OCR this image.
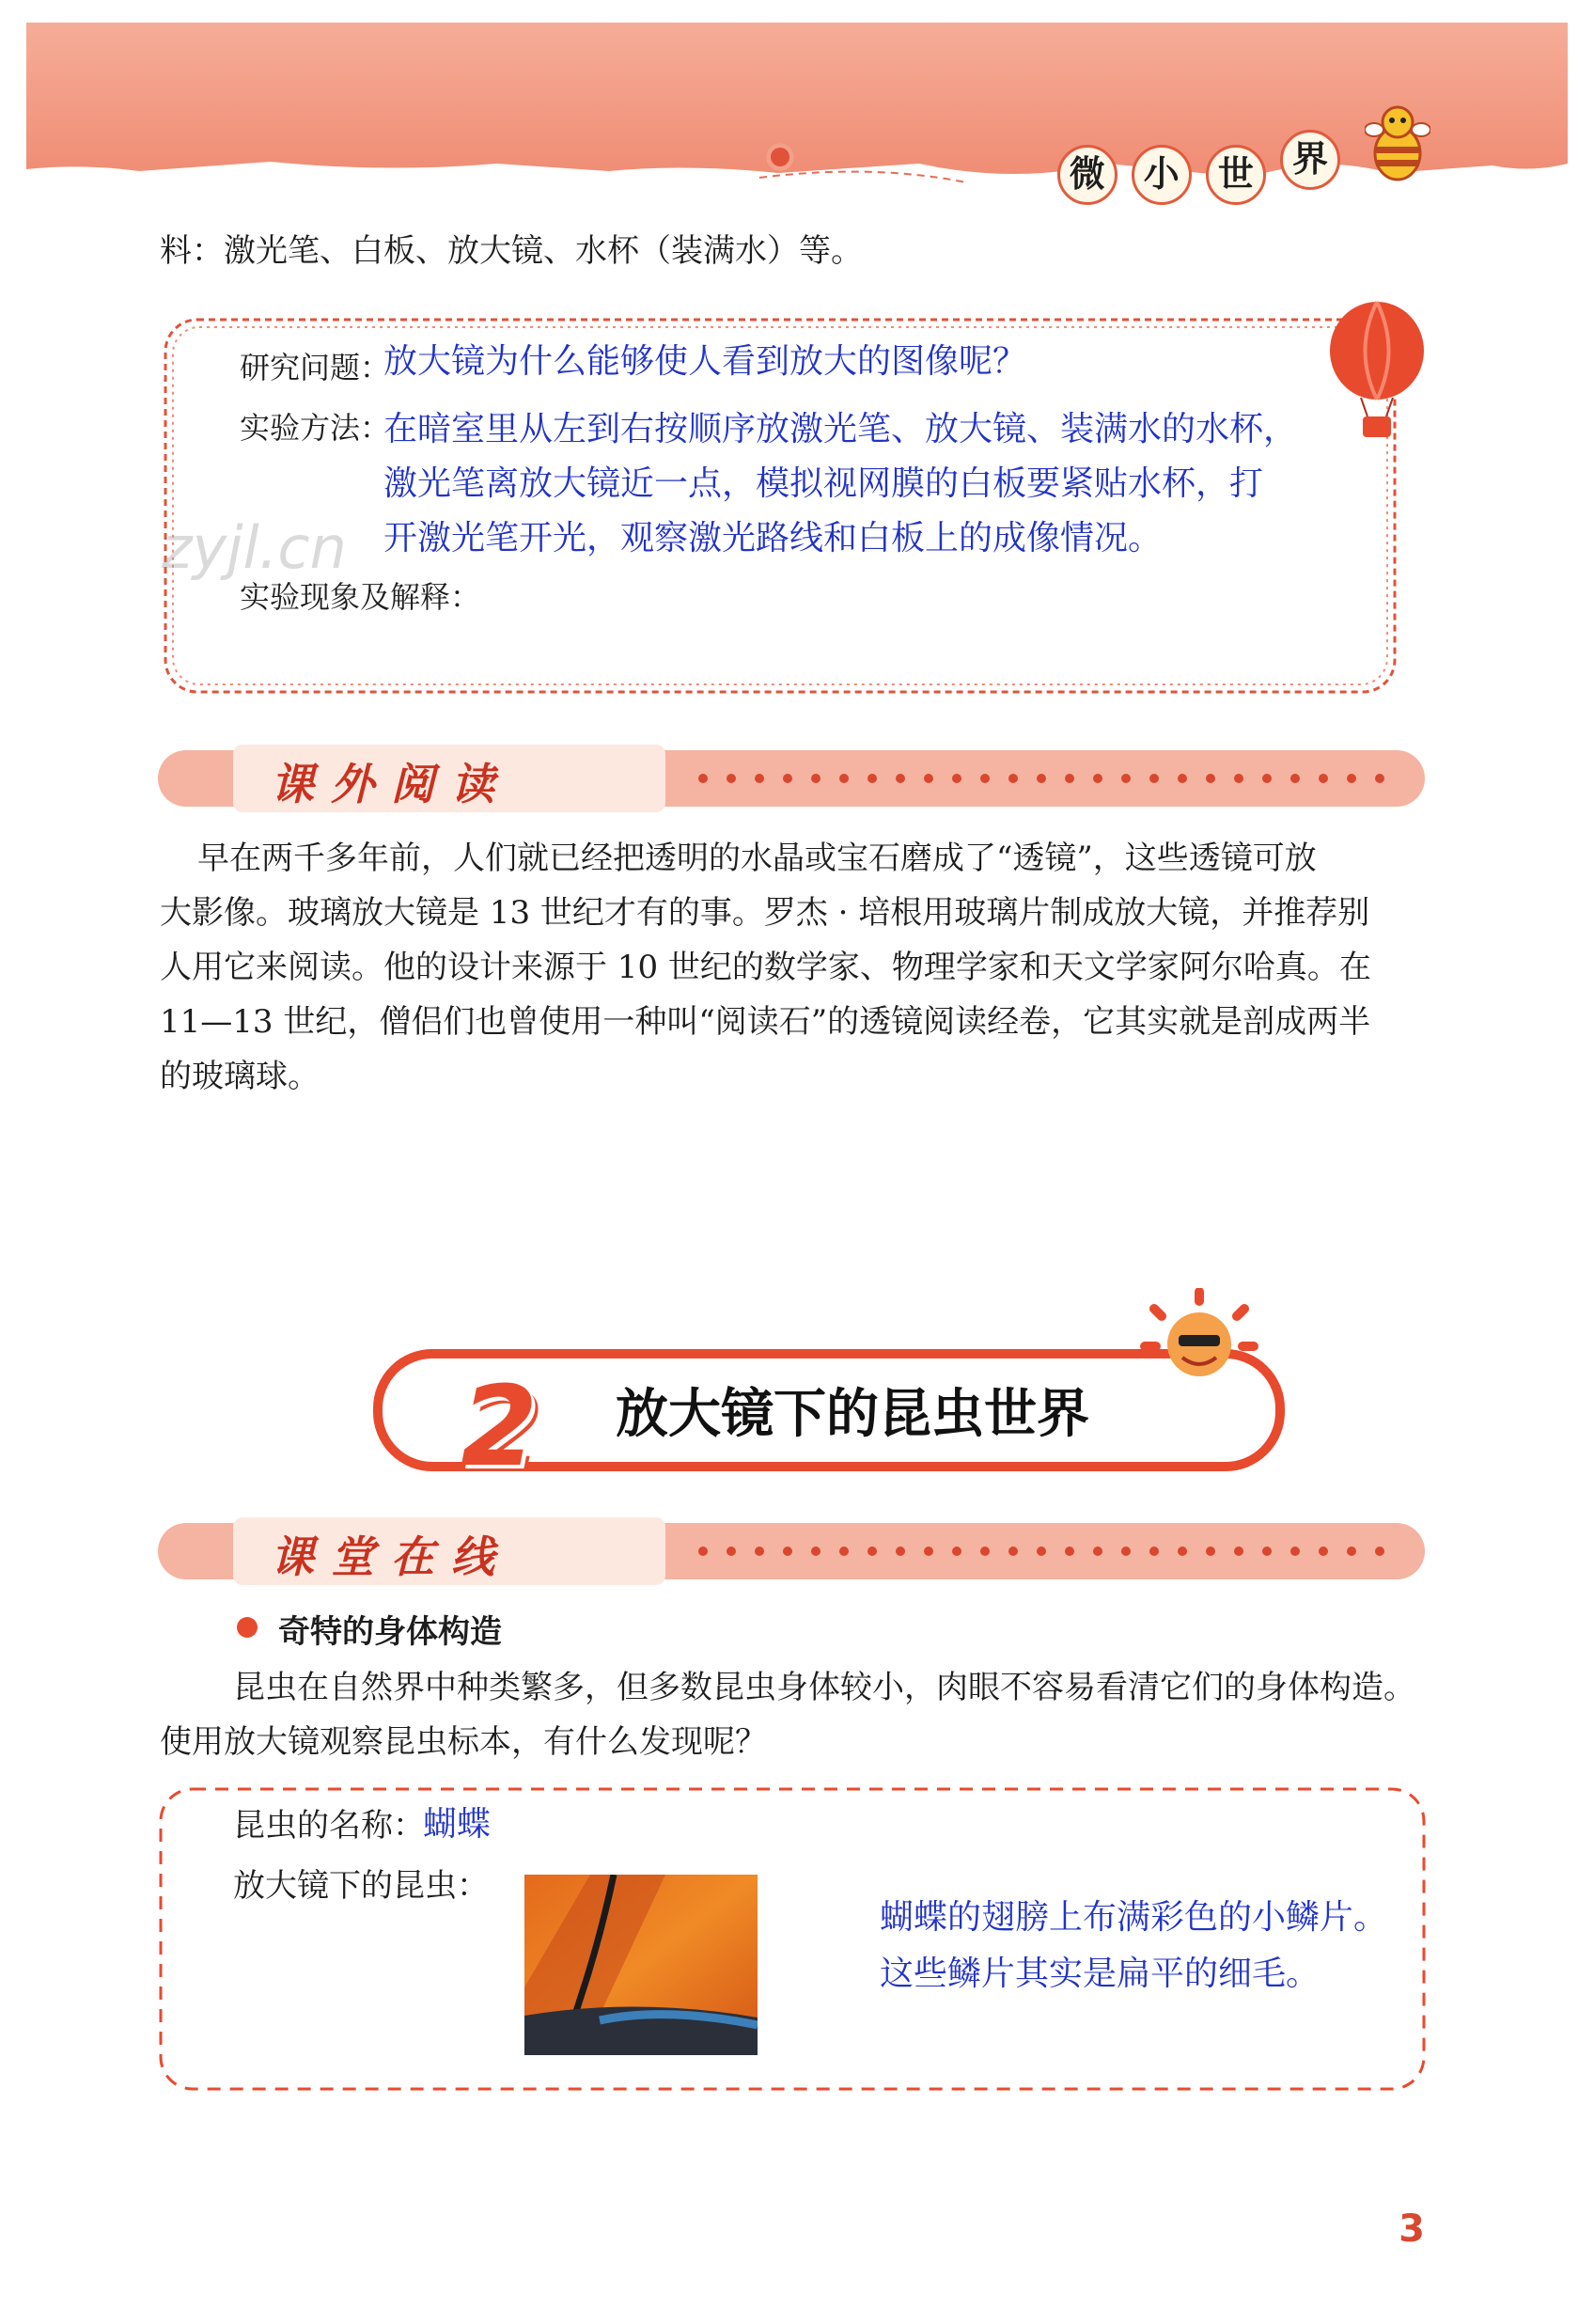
微 小 世 界
料：激光笔、白板、放大镜、水杯（装满水）等。
研究问题：
放大镜为什么能够使人看到放大的图像呢？
实验方法：
在暗室里从左到右按顺序放激光笔、放大镜、装满水的水杯，
激光笔离放大镜近一点，模拟视网膜的白板要紧贴水杯，打
开激光笔开光，观察激光路线和白板上的成像情况。
zyjl.cn
实验现象及解释：
课外阅读
早在两千多年前，人们就已经把透明的水晶或宝石磨成了“透镜”，这些透镜可放
大影像。玻璃放大镜是 13 世纪才有的事。罗杰 · 培根用玻璃片制成放大镜，并推荐别
人用它来阅读。他的设计来源于 10 世纪的数学家、物理学家和天文学家阿尔哈真。在
11—13 世纪，僧侣们也曾使用一种叫“阅读石”的透镜阅读经卷，它其实就是剖成两半
的玻璃球。
2 放大镜下的昆虫世界
课堂在线
奇特的身体构造
昆虫在自然界中种类繁多，但多数昆虫身体较小，肉眼不容易看清它们的身体构造。
使用放大镜观察昆虫标本，有什么发现呢？
昆虫的名称：
蝴蝶
放大镜下的昆虫：
蝴蝶的翅膀上布满彩色的小鳞片。
这些鳞片其实是扁平的细毛。
3
